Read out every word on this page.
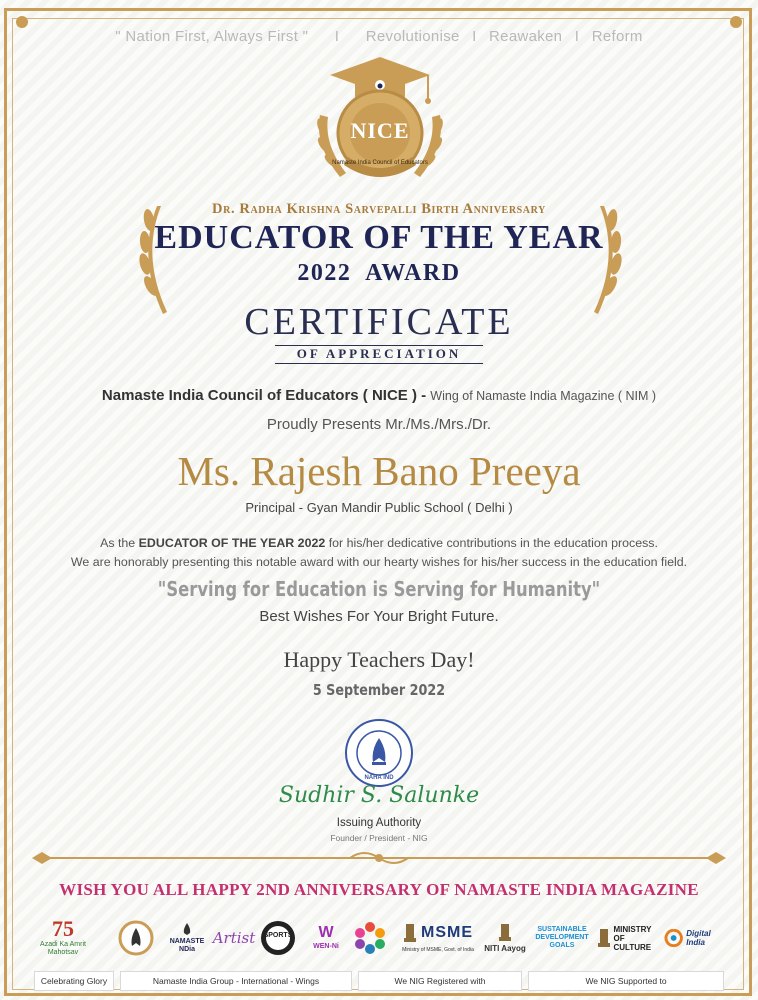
" Nation First, Always First " I Revolutionise I Reawaken I Reform
NICE
Namaste India Council of Educators
Dr. Radha Krishna Sarvepalli Birth Anniversary
EDUCATOR OF THE YEAR
2022  AWARD
CERTIFICATE
OF APPRECIATION
Namaste India Council of Educators ( NICE ) - Wing of Namaste India Magazine ( NIM )
Proudly Presents Mr./Ms./Mrs./Dr.
Ms. Rajesh Bano Preeya
Principal - Gyan Mandir Public School ( Delhi )
As the EDUCATOR OF THE YEAR 2022 for his/her dedicative contributions in the education process.
We are honorably presenting this notable award with our hearty wishes for his/her success in the education field.
"Serving for Education is Serving for Humanity"
Best Wishes For Your Bright Future.
Happy Teachers Day!
5 September 2022
NAHA IND
Sudhir S. Salunke
Issuing Authority
Founder / President - NIG
WISH YOU ALL HAPPY 2ND ANNIVERSARY OF NAMASTE INDIA MAGAZINE
75
Azadi Ka Amrit Mahotsav
NAMASTE NDia
Artist SPORTS W
WEN-Ni
MSME
Ministry of MSME, Govt. of India NITI Aayog
SUSTAINABLE DEVELOPMENT GOALS
MINISTRY OF CULTURE
Digital India
Celebrating Glory	Namaste India Group - International - Wings	We NIG Registered with	We NIG Supported to
